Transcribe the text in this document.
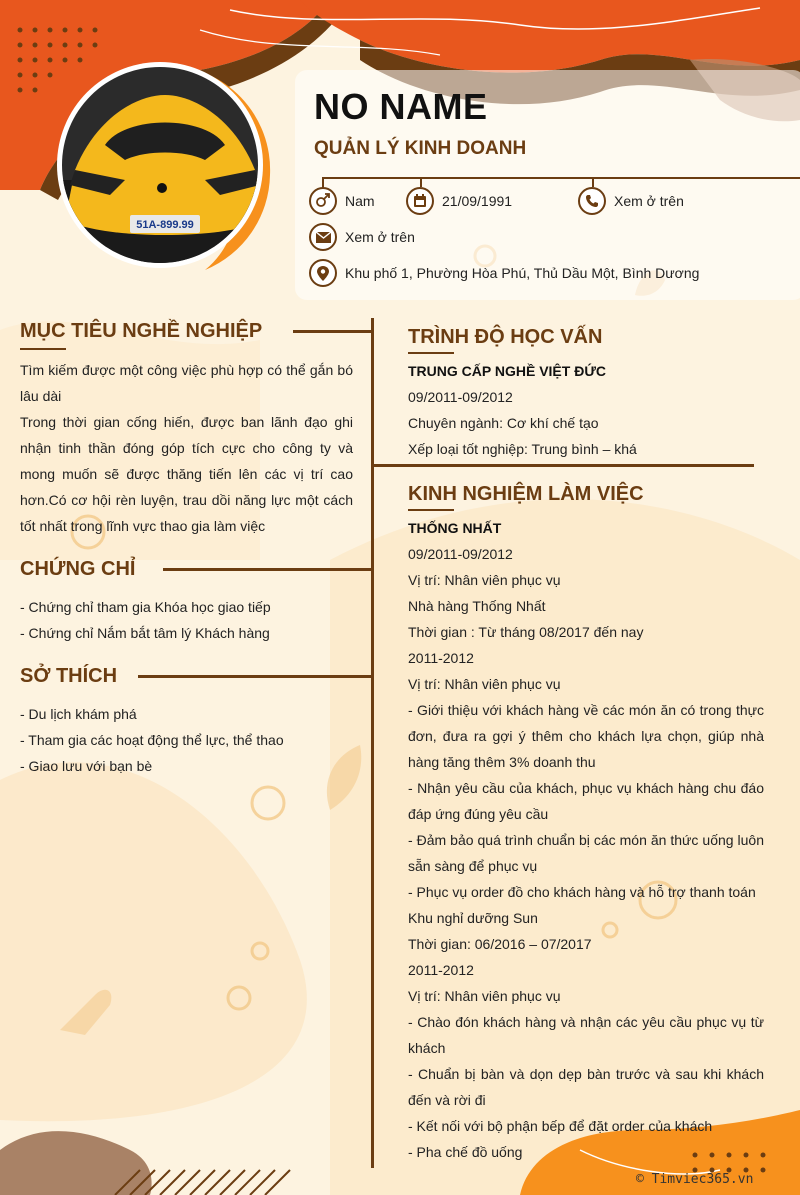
51A-899.99
NO NAME
QUẢN LÝ KINH DOANH
Nam	21/09/1991	Xem ở trên
Xem ở trên
Khu phố 1, Phường Hòa Phú, Thủ Dầu Một, Bình Dương
MỤC TIÊU NGHỀ NGHIỆP
Tìm kiếm được một công việc phù hợp có thể gắn bó lâu dài
Trong thời gian cống hiến, được ban lãnh đạo ghi nhận tinh thần đóng góp tích cực cho công ty và mong muốn sẽ được thăng tiến lên các vị trí cao hơn.Có cơ hội rèn luyện, trau dồi năng lực một cách tốt nhất trong lĩnh vực thao gia làm việc
CHỨNG CHỈ
- Chứng chỉ tham gia Khóa học giao tiếp
- Chứng chỉ Nắm bắt tâm lý Khách hàng
SỞ THÍCH
- Du lịch khám phá
- Tham gia các hoạt động thể lực, thể thao
- Giao lưu với bạn bè
TRÌNH ĐỘ HỌC VẤN
TRUNG CẤP NGHỀ VIỆT ĐỨC
09/2011-09/2012
Chuyên ngành: Cơ khí chế tạo
Xếp loại tốt nghiệp: Trung bình – khá
KINH NGHIỆM LÀM VIỆC
THỐNG NHẤT
09/2011-09/2012
Vị trí: Nhân viên phục vụ
Nhà hàng Thống Nhất
Thời gian : Từ tháng 08/2017 đến nay
2011-2012
Vị trí: Nhân viên phục vụ
- Giới thiệu với khách hàng về các món ăn có trong thực đơn, đưa ra gợi ý thêm cho khách lựa chọn, giúp nhà hàng tăng thêm 3% doanh thu
- Nhận yêu cầu của khách, phục vụ khách hàng chu đáo đáp ứng đúng yêu cầu
- Đảm bảo quá trình chuẩn bị các món ăn thức uống luôn sẵn sàng để phục vụ
- Phục vụ order đồ cho khách hàng và hỗ trợ thanh toán
Khu nghỉ dưỡng Sun
Thời gian: 06/2016 – 07/2017
2011-2012
Vị trí: Nhân viên phục vụ
- Chào đón khách hàng và nhận các yêu cầu phục vụ từ khách
- Chuẩn bị bàn và dọn dẹp bàn trước và sau khi khách đến và rời đi
- Kết nối với bộ phận bếp để đặt order của khách
- Pha chế đồ uống
© Timviec365.vn
